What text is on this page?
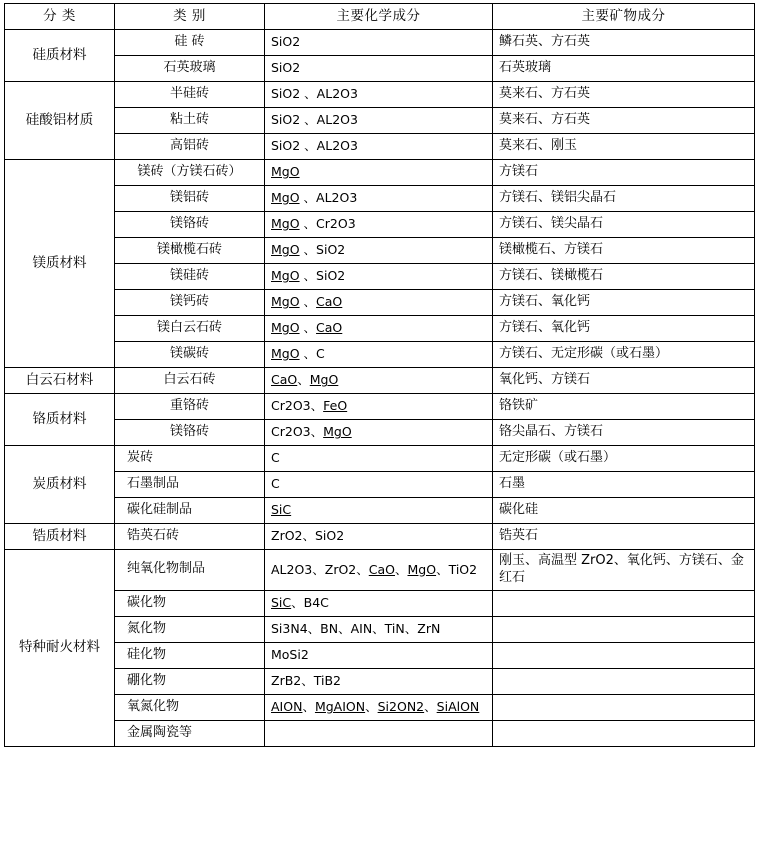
分 类	类 别	主要化学成分	主要矿物成分
硅质材料	硅 砖	SiO2	鳞石英、方石英
	石英玻璃	SiO2	石英玻璃
硅酸铝材质	半硅砖	SiO2 、AL2O3	莫来石、方石英
	粘土砖	SiO2 、AL2O3	莫来石、方石英
	高铝砖	SiO2 、AL2O3	莫来石、刚玉
镁质材料	镁砖（方镁石砖）	MgO	方镁石
	镁铝砖	MgO 、AL2O3	方镁石、镁铝尖晶石
	镁铬砖	MgO 、Cr2O3	方镁石、镁尖晶石
	镁橄榄石砖	MgO 、SiO2	镁橄榄石、方镁石
	镁硅砖	MgO 、SiO2	方镁石、镁橄榄石
	镁钙砖	MgO 、CaO	方镁石、氧化钙
	镁白云石砖	MgO 、CaO	方镁石、氧化钙
	镁碳砖	MgO 、C	方镁石、无定形碳（或石墨）
白云石材料	白云石砖	CaO、MgO	氧化钙、方镁石
铬质材料	重铬砖	Cr2O3、FeO	铬铁矿
	镁铬砖	Cr2O3、MgO	铬尖晶石、方镁石
炭质材料	炭砖	C	无定形碳（或石墨）
	石墨制品	C	石墨
	碳化硅制品	SiC	碳化硅
锆质材料	锆英石砖	ZrO2、SiO2	锆英石
特种耐火材料	纯氧化物制品	AL2O3、ZrO2、CaO、MgO、TiO2	刚玉、高温型 ZrO2、氧化钙、方镁石、金红石
	碳化物	SiC、B4C	
	氮化物	Si3N4、BN、AIN、TiN、ZrN	
	硅化物	MoSi2	
	硼化物	ZrB2、TiB2	
	氧氮化物	AION、MgAION、Si2ON2、SiAlON	
	金属陶瓷等		
